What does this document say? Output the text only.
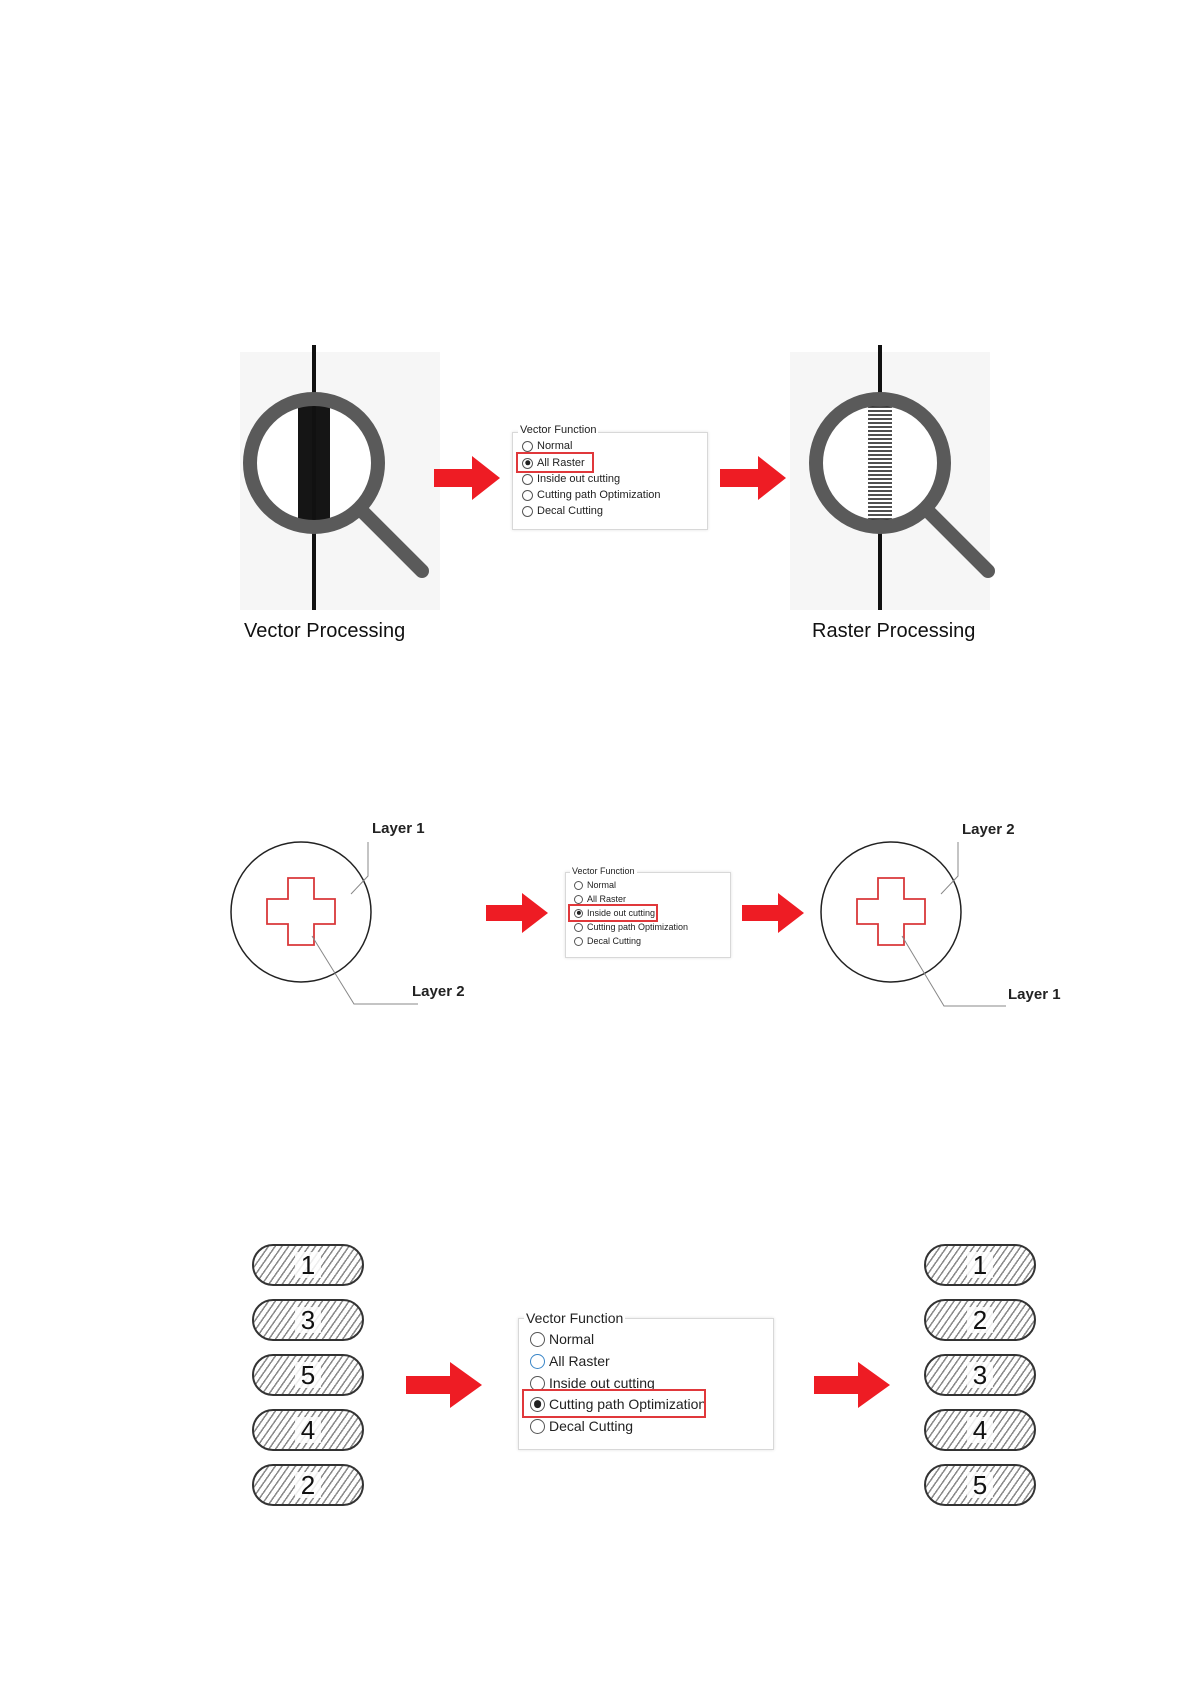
Vector Processing
Vector Function
Normal
All Raster
Inside out cutting
Cutting path Optimization
Decal Cutting
Raster Processing
Layer 1
Layer 2
Vector Function
Normal
All Raster
Inside out cutting
Cutting path Optimization
Decal Cutting
Layer 2
Layer 1
1
3
5
4
2
Vector Function
Normal
All Raster
Inside out cutting
Cutting path Optimization
Decal Cutting
1
2
3
4
5
